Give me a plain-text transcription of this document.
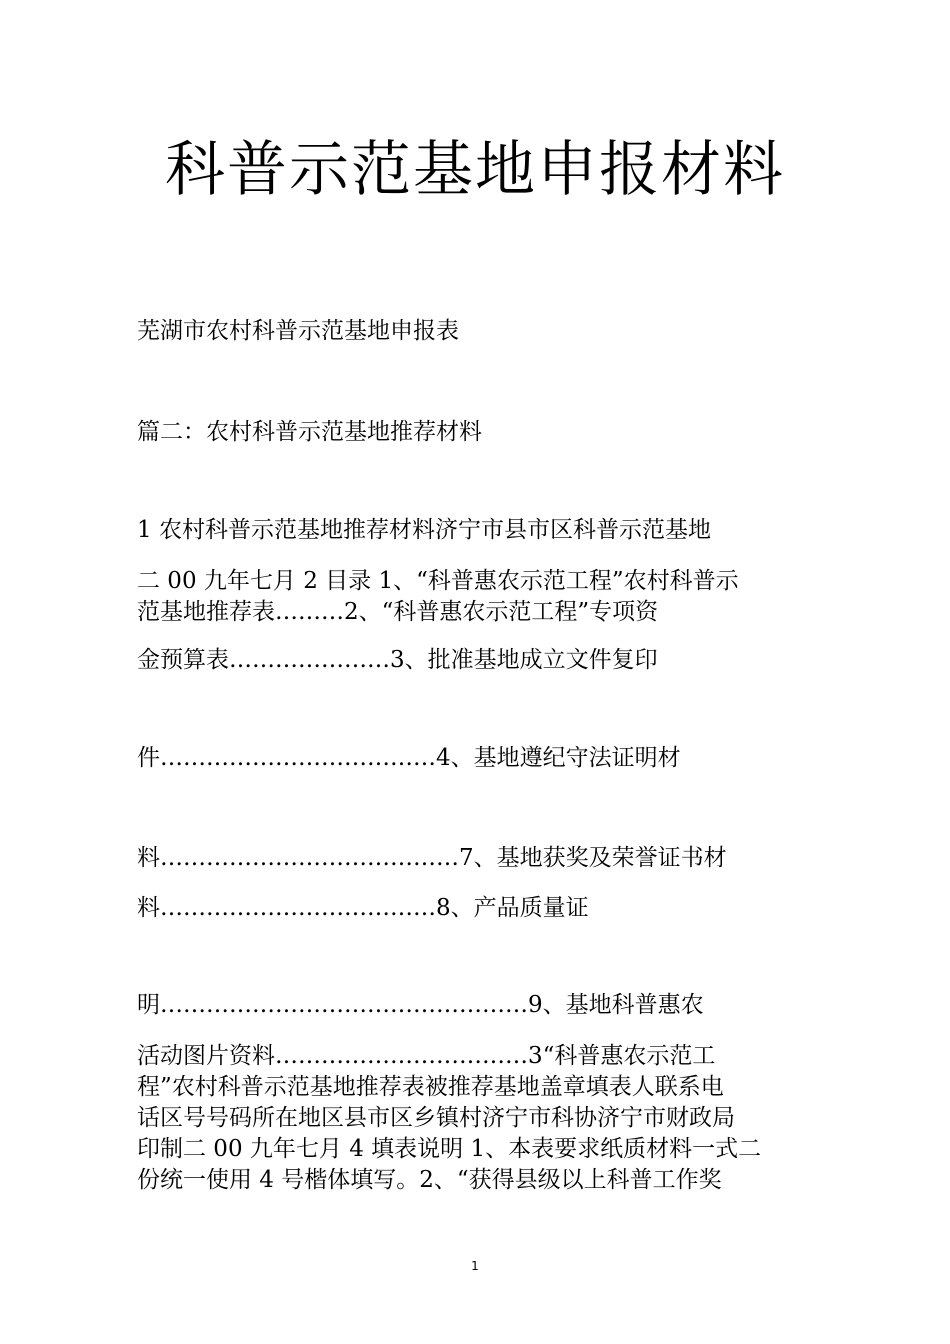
科普示范基地申报材料

芜湖市农村科普示范基地申报表

篇二：农村科普示范基地推荐材料

1 农村科普示范基地推荐材料济宁市县市区科普示范基地

二 00 九年七月 2 目录 1、“科普惠农示范工程”农村科普示
范基地推荐表………2、“科普惠农示范工程”专项资

金预算表…………………3、批准基地成立文件复印

件………………………………4、基地遵纪守法证明材

料…………………………………7、基地获奖及荣誉证书材

料………………………………8、产品质量证

明…………………………………………9、基地科普惠农

活动图片资料……………………………3“科普惠农示范工
程”农村科普示范基地推荐表被推荐基地盖章填表人联系电
话区号号码所在地区县市区乡镇村济宁市科协济宁市财政局
印制二 00 九年七月 4 填表说明 1、本表要求纸质材料一式二
份统一使用 4 号楷体填写。2、“获得县级以上科普工作奖
1
